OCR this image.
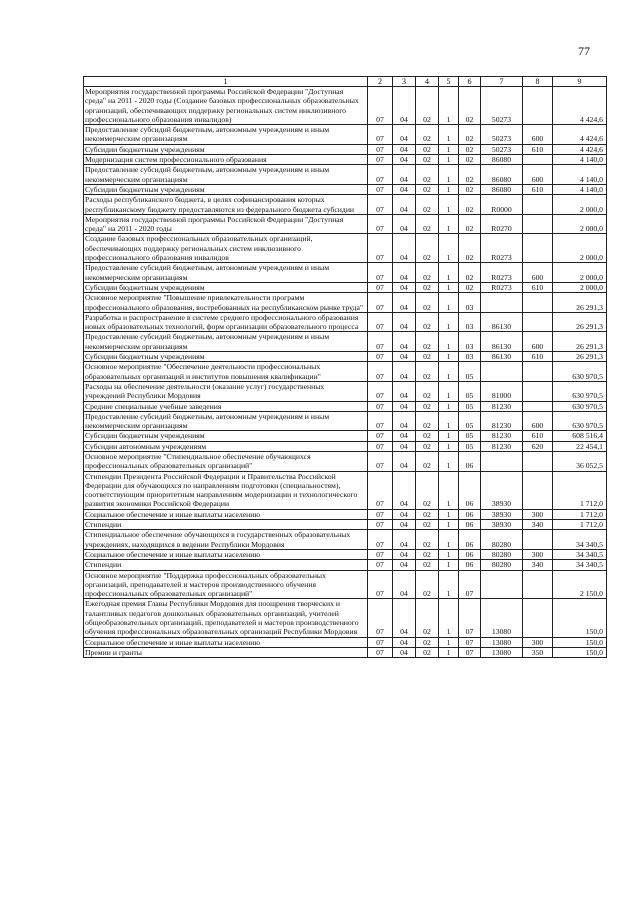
77
1	2	3	4	5	6	7	8	9
Мероприятия государственной программы Российской Федерации "Доступная среда" на 2011 - 2020 годы (Создание базовых профессиональных образовательных организаций, обеспечивающих поддержку региональных систем инклюзивного профессионального образования инвалидов)	07	04	02	1	02	50273		4 424,6
Предоставление субсидий бюджетным, автономным учреждениям и иным некоммерческим организациям	07	04	02	1	02	50273	600	4 424,6
Субсидии бюджетным учреждениям	07	04	02	1	02	50273	610	4 424,6
Модернизация систем профессионального образования	07	04	02	1	02	86080		4 140,0
Предоставление субсидий бюджетным, автономным учреждениям и иным некоммерческим организациям	07	04	02	1	02	86080	600	4 140,0
Субсидии бюджетным учреждениям	07	04	02	1	02	86080	610	4 140,0
Расходы республиканского бюджета, в целях софинансирования которых республиканскому бюджету предоставляются из федерального бюджета субсидии	07	04	02	1	02	R0000		2 000,0
Мероприятия государственной программы Российской Федерации "Доступная среда" на 2011 - 2020 годы	07	04	02	1	02	R0270		2 000,0
Создание базовых профессиональных образовательных организаций, обеспечивающих поддержку региональных систем инклюзивного профессионального образования инвалидов	07	04	02	1	02	R0273		2 000,0
Предоставление субсидий бюджетным, автономным учреждениям и иным некоммерческим организациям	07	04	02	1	02	R0273	600	2 000,0
Субсидии бюджетным учреждениям	07	04	02	1	02	R0273	610	2 000,0
Основное мероприятие "Повышение привлекательности программ профессионального образования, востребованных на республиканском рынке труда"	07	04	02	1	03			26 291,3
Разработка и распространение в системе среднего профессионального образования новых образовательных технологий, форм организации образовательного процесса	07	04	02	1	03	86130		26 291,3
Предоставление субсидий бюджетным, автономным учреждениям и иным некоммерческим организациям	07	04	02	1	03	86130	600	26 291,3
Субсидии бюджетным учреждениям	07	04	02	1	03	86130	610	26 291,3
Основное мероприятие "Обеспечение деятельности профессиональных образовательных организаций и институтов повышения квалификации"	07	04	02	1	05			630 970,5
Расходы на обеспечение деятельности (оказание услуг) государственных учреждений Республики Мордовия	07	04	02	1	05	81000		630 970,5
Средние специальные учебные заведения	07	04	02	1	05	81230		630 970,5
Предоставление субсидий бюджетным, автономным учреждениям и иным некоммерческим организациям	07	04	02	1	05	81230	600	630 970,5
Субсидии бюджетным учреждениям	07	04	02	1	05	81230	610	608 516,4
Субсидии автономным учреждениям	07	04	02	1	05	81230	620	22 454,1
Основное мероприятие "Стипендиальное обеспечение обучающихся профессиональных образовательных организаций"	07	04	02	1	06			36 052,5
Стипендии Президента Российской Федерации и Правительства Российской Федерации для обучающихся по направлениям подготовки (специальностям), соответствующим приоритетным направлениям модернизации и технологического развития экономики Российской Федерации	07	04	02	1	06	38930		1 712,0
Социальное обеспечение и иные выплаты населению	07	04	02	1	06	38930	300	1 712,0
Стипендии	07	04	02	1	06	38930	340	1 712,0
Стипендиальное обеспечение обучающихся в государственных образовательных учреждениях, находящихся в ведении Республики Мордовия	07	04	02	1	06	80280		34 340,5
Социальное обеспечение и иные выплаты населению	07	04	02	1	06	80280	300	34 340,5
Стипендии	07	04	02	1	06	80280	340	34 340,5
Основное мероприятие "Поддержка профессиональных образовательных организаций, преподавателей и мастеров производственного обучения профессиональных образовательных организаций"	07	04	02	1	07			2 150,0
Ежегодная премия Главы Республики Мордовия для поощрения творческих и талантливых педагогов дошкольных образовательных организаций, учителей общеобразовательных организаций, преподавателей и мастеров производственного обучения профессиональных образовательных организаций Республики Мордовия	07	04	02	1	07	13080		150,0
Социальное обеспечение и иные выплаты населению	07	04	02	1	07	13080	300	150,0
Премии и гранты	07	04	02	1	07	13080	350	150,0
